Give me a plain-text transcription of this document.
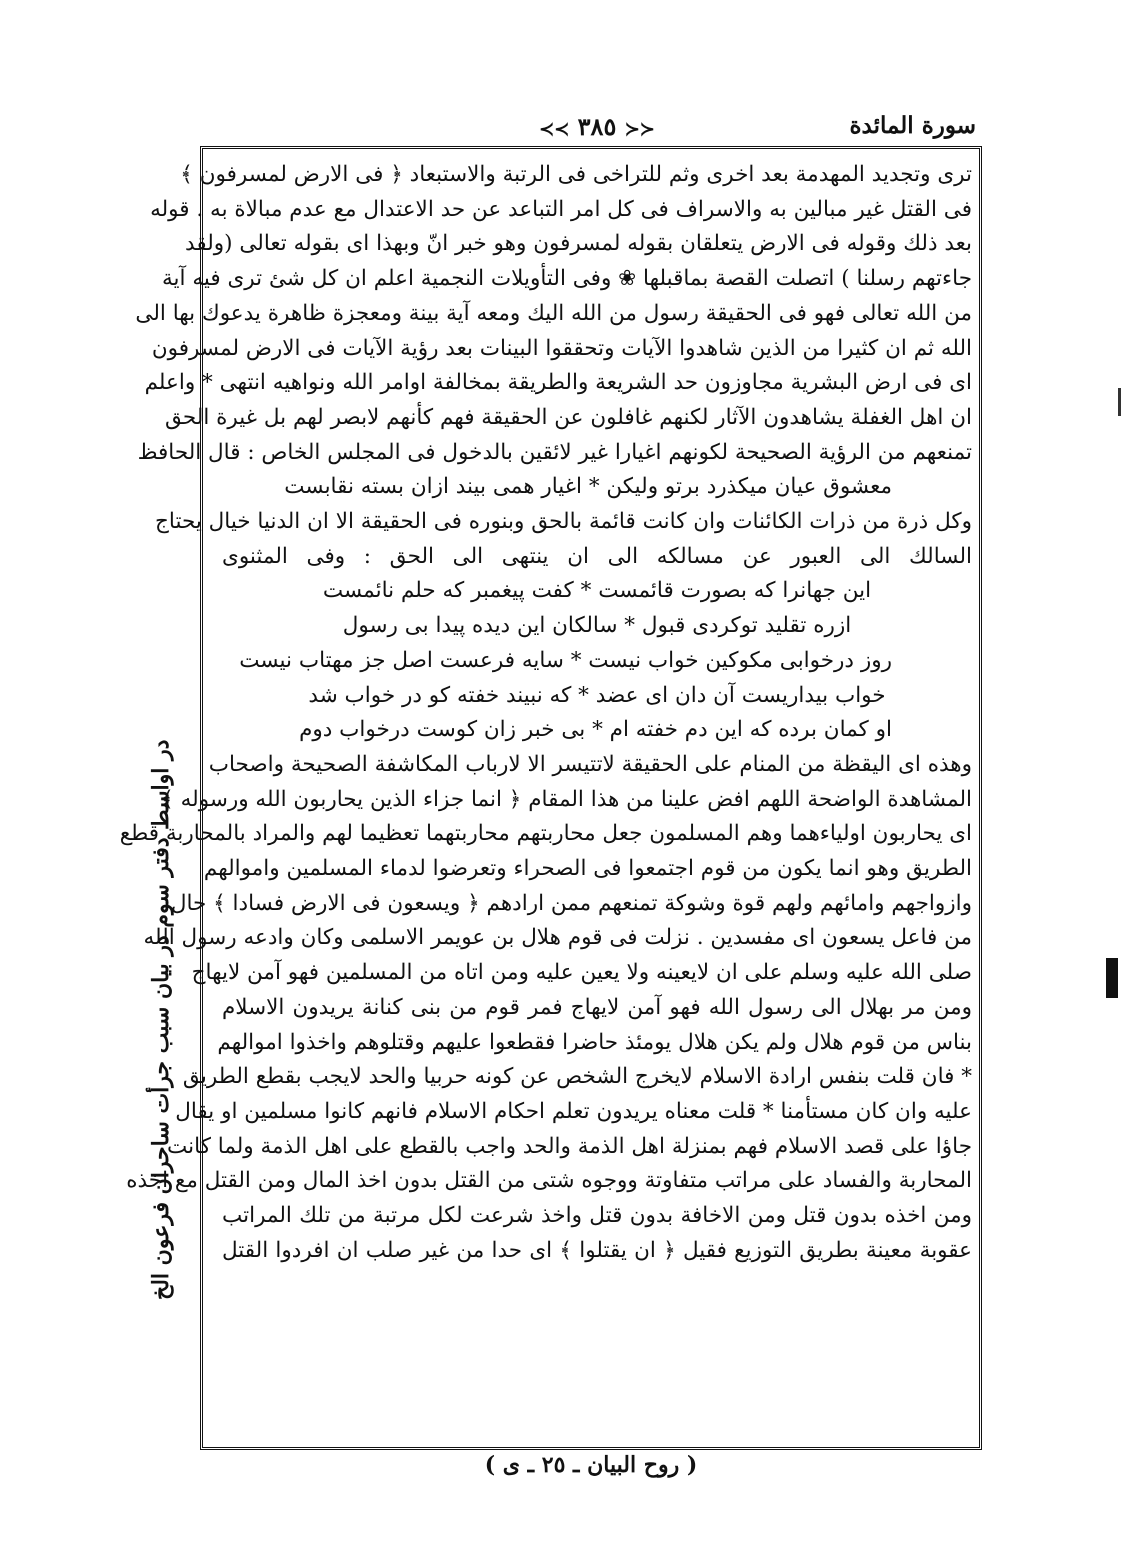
سورة المائدة
≺≺ ٣٨٥ ≻≻

ترى وتجديد المهدمة بعد اخرى وثم للتراخى فى الرتبة والاستبعاد ﴿ فى الارض لمسرفون ﴾

فى القتل غير مبالين به والاسراف فى كل امر التباعد عن حد الاعتدال مع عدم مبالاة به . قوله

بعد ذلك وقوله فى الارض يتعلقان بقوله لمسرفون وهو خبر انّ وبهذا اى بقوله تعالى (ولقد

جاءتهم رسلنا ) اتصلت القصة بماقبلها ❀ وفى التأويلات النجمية اعلم ان كل شئ ترى فيه آية

من الله تعالى فهو فى الحقيقة رسول من الله اليك ومعه آية بينة ومعجزة ظاهرة يدعوك بها الى

الله ثم ان كثيرا من الذين شاهدوا الآيات وتحققوا البينات بعد رؤية الآيات فى الارض لمسرفون

اى فى ارض البشرية مجاوزون حد الشريعة والطريقة بمخالفة اوامر الله ونواهيه انتهى * واعلم

ان اهل الغفلة يشاهدون الآثار لكنهم غافلون عن الحقيقة فهم كأنهم لابصر لهم بل غيرة الحق

تمنعهم من الرؤية الصحيحة لكونهم اغيارا غير لائقين بالدخول فى المجلس الخاص : قال الحافظ

معشوق عيان ميكذرد برتو وليكن * اغيار همى بيند ازان بسته نقابست

وكل ذرة من ذرات الكائنات وان كانت قائمة بالحق وبنوره فى الحقيقة الا ان الدنيا خيال يحتاج

السالك الى العبور عن مسالكه الى ان ينتهى الى الحق : وفى المثنوى

اين جهانرا كه بصورت قائمست * كفت پيغمبر كه حلم نائمست

ازره تقليد توكردى قبول * سالكان اين ديده پيدا بى رسول

روز درخوابى مكوكين خواب نيست * سايه فرعست اصل جز مهتاب نيست

خواب بيداريست آن دان اى عضد * كه نبيند خفته كو در خواب شد

او كمان برده كه اين دم خفته ام * بى خبر زان كوست درخواب دوم

وهذه اى اليقظة من المنام على الحقيقة لاتتيسر الا لارباب المكاشفة الصحيحة واصحاب

المشاهدة الواضحة اللهم افض علينا من هذا المقام ﴿ انما جزاء الذين يحاربون الله ورسوله ﴾

اى يحاربون اولياءهما وهم المسلمون جعل محاربتهم محاربتهما تعظيما لهم والمراد بالمحاربة قطع

الطريق وهو انما يكون من قوم اجتمعوا فى الصحراء وتعرضوا لدماء المسلمين واموالهم

وازواجهم وامائهم ولهم قوة وشوكة تمنعهم ممن ارادهم ﴿ ويسعون فى الارض فسادا ﴾ حال

من فاعل يسعون اى مفسدين . نزلت فى قوم هلال بن عويمر الاسلمى وكان وادعه رسول الله

صلى الله عليه وسلم على ان لايعينه ولا يعين عليه ومن اتاه من المسلمين فهو آمن لايهاج

ومن مر بهلال الى رسول الله فهو آمن لايهاج فمر قوم من بنى كنانة يريدون الاسلام

بناس من قوم هلال ولم يكن هلال يومئذ حاضرا فقطعوا عليهم وقتلوهم واخذوا اموالهم

* فان قلت بنفس ارادة الاسلام لايخرج الشخص عن كونه حربيا والحد لايجب بقطع الطريق

عليه وان كان مستأمنا * قلت معناه يريدون تعلم احكام الاسلام فانهم كانوا مسلمين او يقال

جاؤا على قصد الاسلام فهم بمنزلة اهل الذمة والحد واجب بالقطع على اهل الذمة ولما كانت

المحاربة والفساد على مراتب متفاوتة ووجوه شتى من القتل بدون اخذ المال ومن القتل مع اخذه

ومن اخذه بدون قتل ومن الاخافة بدون قتل واخذ شرعت لكل مرتبة من تلك المراتب

عقوبة معينة بطريق التوزيع فقيل ﴿ ان يقتلوا ﴾ اى حدا من غير صلب ان افردوا القتل

در اواسط دفتر سوم در بيان سبب جرأت ساحران فرعون الخ
( روح البيان ـ ٢٥ ـ ى )
